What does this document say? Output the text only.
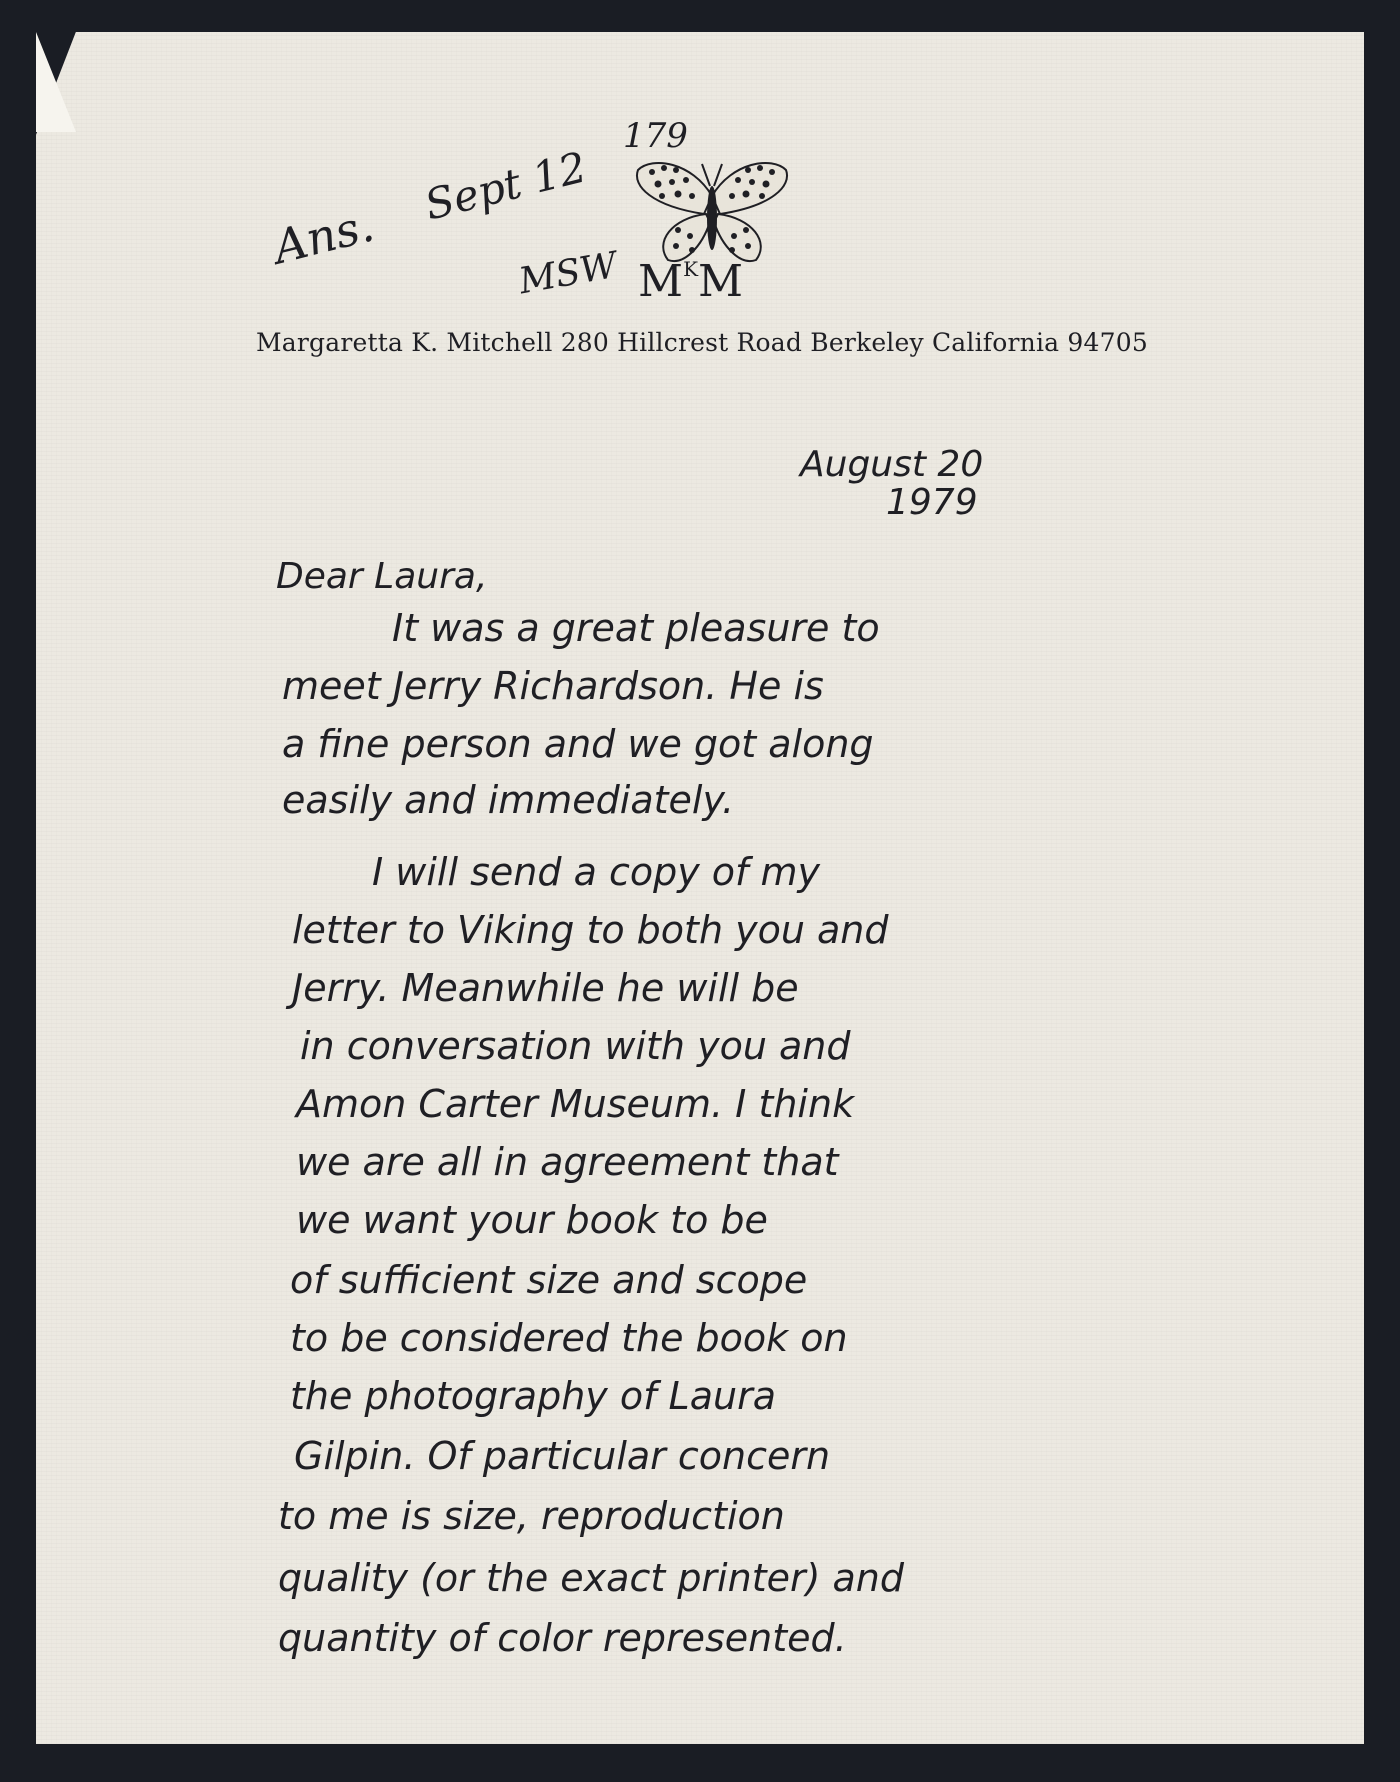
Ans.
Sept 12
179
MSW $M^KM$
Margaretta K. Mitchell 280 Hillcrest Road Berkeley California 94705
August 20
1979
Dear Laura,
It was a great pleasure to
meet Jerry Richardson. He is
a fine person and we got along
easily and immediately.
I will send a copy of my
letter to Viking to both you and
Jerry. Meanwhile he will be
in conversation with you and
Amon Carter Museum. I think
we are all in agreement that
we want your book to be
of sufficient size and scope
to be considered the book on
the photography of Laura
Gilpin. Of particular concern
to me is size, reproduction
quality (or the exact printer) and
quantity of color represented.
